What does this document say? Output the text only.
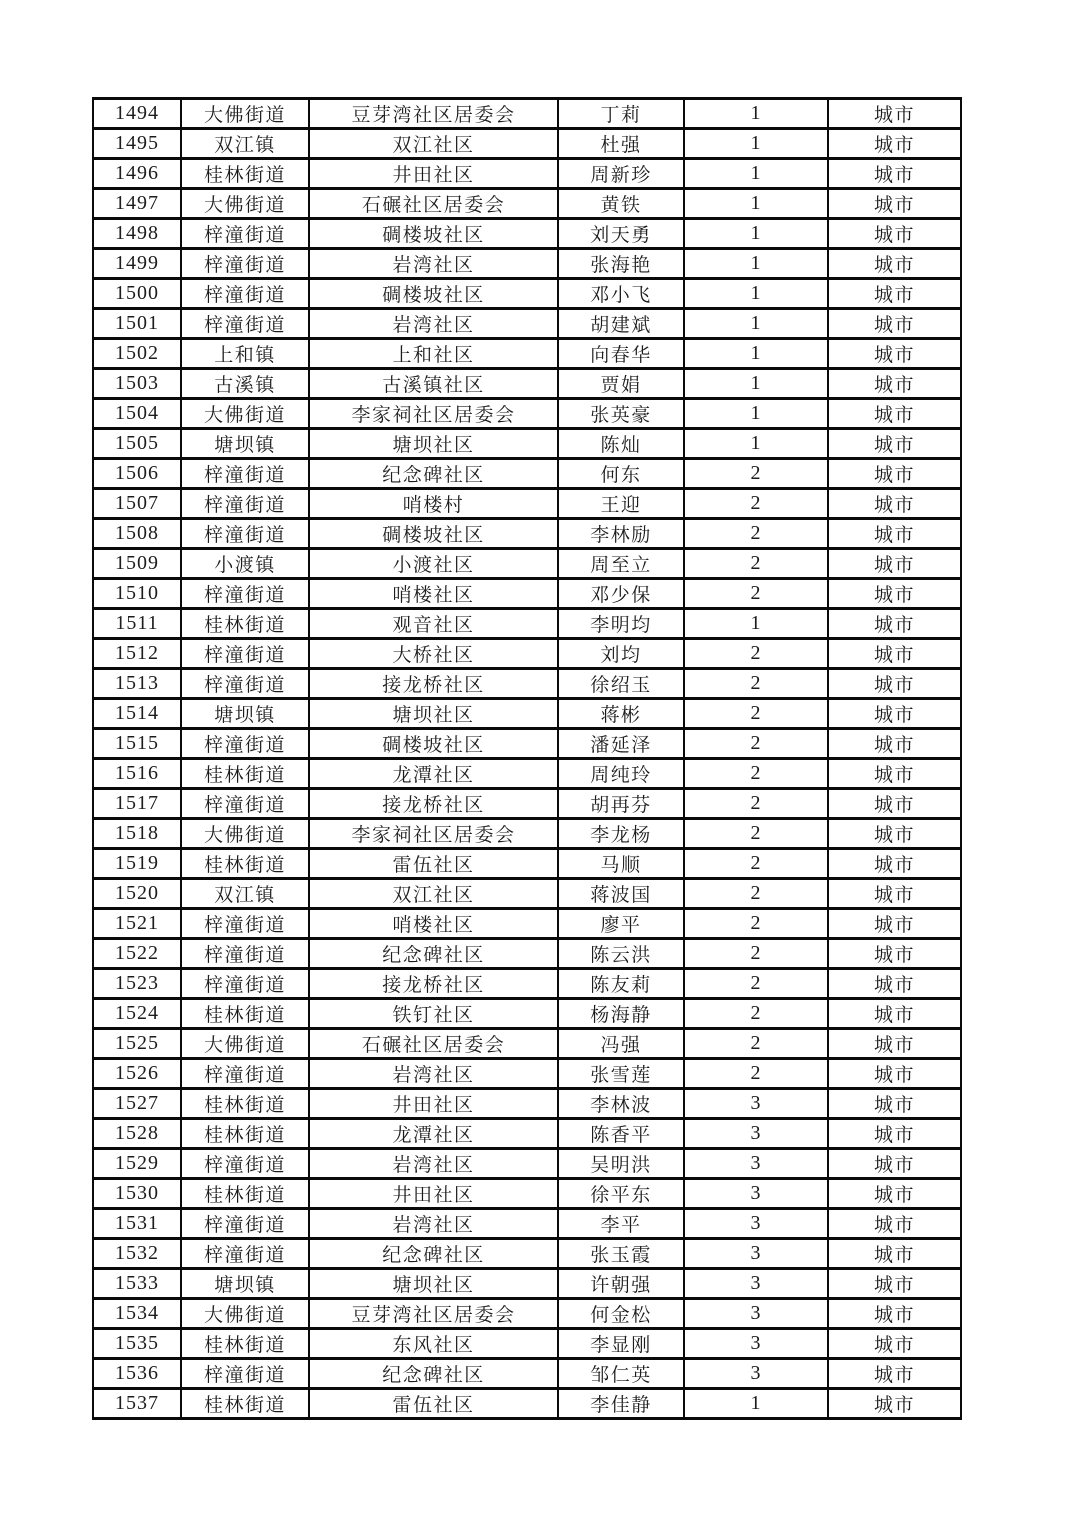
1494	大佛街道	豆芽湾社区居委会	丁莉	1	城市
1495	双江镇	双江社区	杜强	1	城市
1496	桂林街道	井田社区	周新珍	1	城市
1497	大佛街道	石碾社区居委会	黄铁	1	城市
1498	梓潼街道	碉楼坡社区	刘天勇	1	城市
1499	梓潼街道	岩湾社区	张海艳	1	城市
1500	梓潼街道	碉楼坡社区	邓小飞	1	城市
1501	梓潼街道	岩湾社区	胡建斌	1	城市
1502	上和镇	上和社区	向春华	1	城市
1503	古溪镇	古溪镇社区	贾娟	1	城市
1504	大佛街道	李家祠社区居委会	张英豪	1	城市
1505	塘坝镇	塘坝社区	陈灿	1	城市
1506	梓潼街道	纪念碑社区	何东	2	城市
1507	梓潼街道	哨楼村	王迎	2	城市
1508	梓潼街道	碉楼坡社区	李林励	2	城市
1509	小渡镇	小渡社区	周至立	2	城市
1510	梓潼街道	哨楼社区	邓少保	2	城市
1511	桂林街道	观音社区	李明均	1	城市
1512	梓潼街道	大桥社区	刘均	2	城市
1513	梓潼街道	接龙桥社区	徐绍玉	2	城市
1514	塘坝镇	塘坝社区	蒋彬	2	城市
1515	梓潼街道	碉楼坡社区	潘延泽	2	城市
1516	桂林街道	龙潭社区	周纯玲	2	城市
1517	梓潼街道	接龙桥社区	胡再芬	2	城市
1518	大佛街道	李家祠社区居委会	李龙杨	2	城市
1519	桂林街道	雷伍社区	马顺	2	城市
1520	双江镇	双江社区	蒋波国	2	城市
1521	梓潼街道	哨楼社区	廖平	2	城市
1522	梓潼街道	纪念碑社区	陈云洪	2	城市
1523	梓潼街道	接龙桥社区	陈友莉	2	城市
1524	桂林街道	铁钉社区	杨海静	2	城市
1525	大佛街道	石碾社区居委会	冯强	2	城市
1526	梓潼街道	岩湾社区	张雪莲	2	城市
1527	桂林街道	井田社区	李林波	3	城市
1528	桂林街道	龙潭社区	陈香平	3	城市
1529	梓潼街道	岩湾社区	吴明洪	3	城市
1530	桂林街道	井田社区	徐平东	3	城市
1531	梓潼街道	岩湾社区	李平	3	城市
1532	梓潼街道	纪念碑社区	张玉霞	3	城市
1533	塘坝镇	塘坝社区	许朝强	3	城市
1534	大佛街道	豆芽湾社区居委会	何金松	3	城市
1535	桂林街道	东风社区	李显刚	3	城市
1536	梓潼街道	纪念碑社区	邹仁英	3	城市
1537	桂林街道	雷伍社区	李佳静	1	城市
